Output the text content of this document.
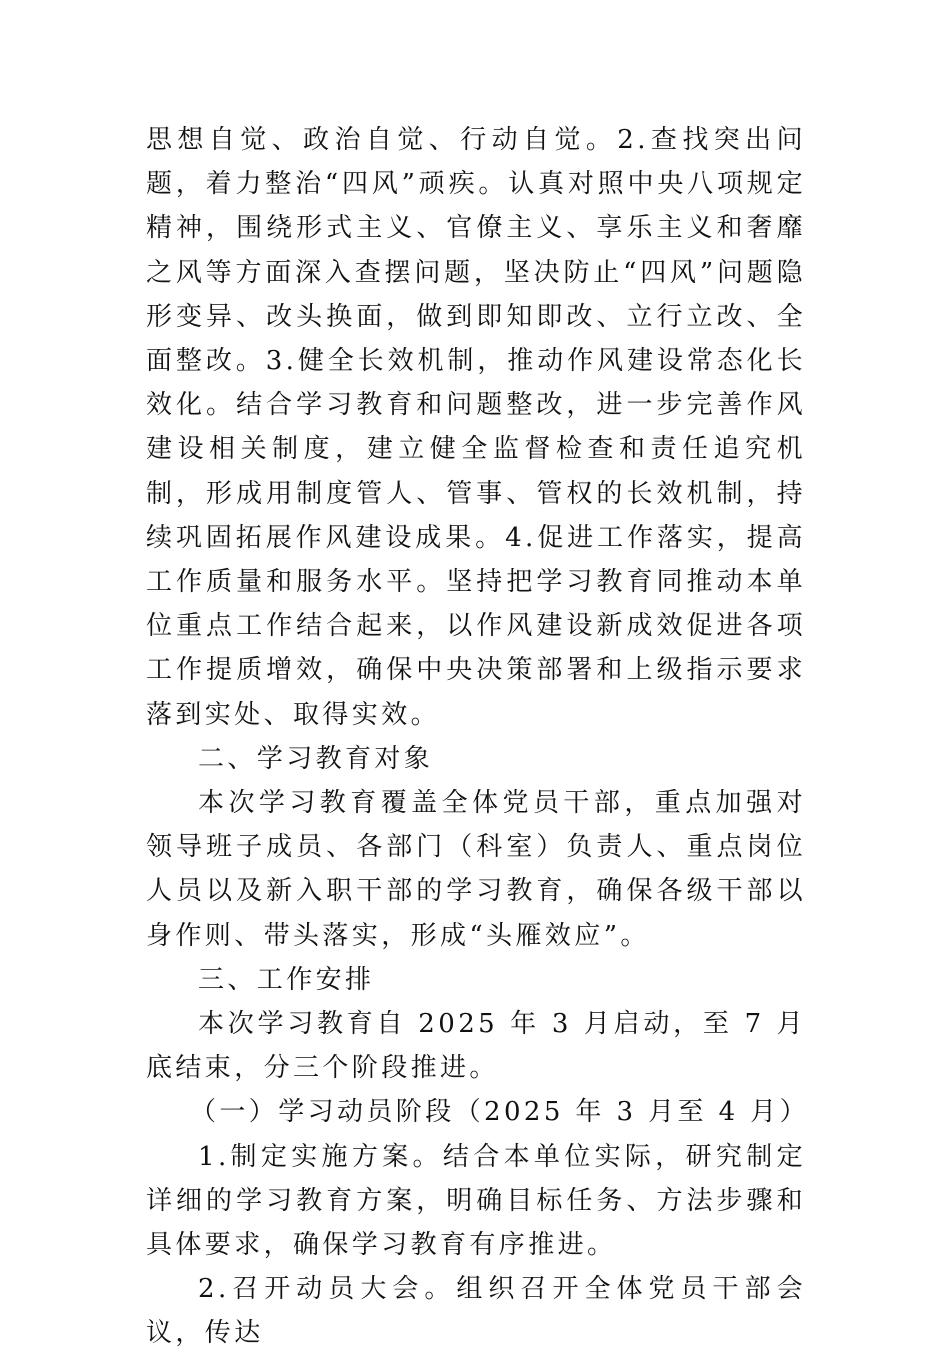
思想自觉、政治自觉、行动自觉。2.查找突出问题，着力整治“四风”顽疾。认真对照中央八项规定精神，围绕形式主义、官僚主义、享乐主义和奢靡之风等方面深入查摆问题，坚决防止“四风”问题隐形变异、改头换面，做到即知即改、立行立改、全面整改。3.健全长效机制，推动作风建设常态化长效化。结合学习教育和问题整改，进一步完善作风建设相关制度，建立健全监督检查和责任追究机制，形成用制度管人、管事、管权的长效机制，持续巩固拓展作风建设成果。4.促进工作落实，提高工作质量和服务水平。坚持把学习教育同推动本单位重点工作结合起来，以作风建设新成效促进各项工作提质增效，确保中央决策部署和上级指示要求落到实处、取得实效。

二、学习教育对象

本次学习教育覆盖全体党员干部，重点加强对领导班子成员、各部门（科室）负责人、重点岗位人员以及新入职干部的学习教育，确保各级干部以身作则、带头落实，形成“头雁效应”。

三、工作安排

本次学习教育自 2025 年 3 月启动，至 7 月底结束，分三个阶段推进。

（一）学习动员阶段（2025 年 3 月至 4 月）

1.制定实施方案。结合本单位实际，研究制定详细的学习教育方案，明确目标任务、方法步骤和具体要求，确保学习教育有序推进。

2.召开动员大会。组织召开全体党员干部会议，传达
